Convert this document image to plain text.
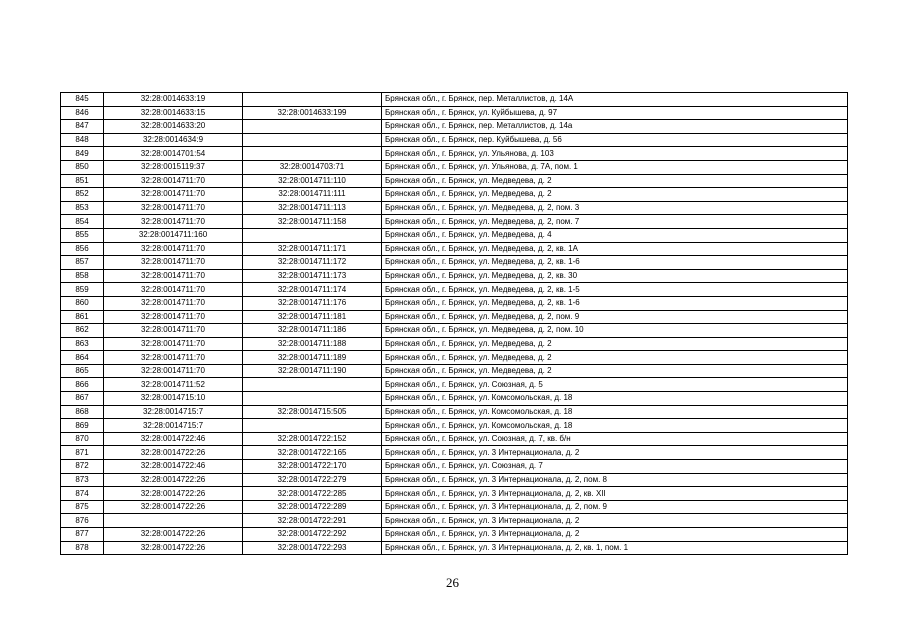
845	32:28:0014633:19		Брянская обл., г. Брянск, пер. Металлистов, д. 14А
846	32:28:0014633:15	32:28:0014633:199	Брянская обл., г. Брянск, ул. Куйбышева, д. 97
847	32:28:0014633:20		Брянская обл., г. Брянск, пер. Металлистов, д. 14а
848	32:28:0014634:9		Брянская обл., г. Брянск, пер. Куйбышева, д. 56
849	32:28:0014701:54		Брянская обл., г. Брянск, ул. Ульянова, д. 103
850	32:28:0015119:37	32:28:0014703:71	Брянская обл., г. Брянск, ул. Ульянова, д. 7А, пом. 1
851	32:28:0014711:70	32:28:0014711:110	Брянская обл., г. Брянск, ул. Медведева, д. 2
852	32:28:0014711:70	32:28:0014711:111	Брянская обл., г. Брянск, ул. Медведева, д. 2
853	32:28:0014711:70	32:28:0014711:113	Брянская обл., г. Брянск, ул. Медведева, д. 2, пом. 3
854	32:28:0014711:70	32:28:0014711:158	Брянская обл., г. Брянск, ул. Медведева, д. 2, пом. 7
855	32:28:0014711:160		Брянская обл., г. Брянск, ул. Медведева, д. 4
856	32:28:0014711:70	32:28:0014711:171	Брянская обл., г. Брянск, ул. Медведева, д. 2, кв. 1А
857	32:28:0014711:70	32:28:0014711:172	Брянская обл., г. Брянск, ул. Медведева, д. 2, кв. 1-6
858	32:28:0014711:70	32:28:0014711:173	Брянская обл., г. Брянск, ул. Медведева, д. 2, кв. 30
859	32:28:0014711:70	32:28:0014711:174	Брянская обл., г. Брянск, ул. Медведева, д. 2, кв. 1-5
860	32:28:0014711:70	32:28:0014711:176	Брянская обл., г. Брянск, ул. Медведева, д. 2, кв. 1-6
861	32:28:0014711:70	32:28:0014711:181	Брянская обл., г. Брянск, ул. Медведева, д. 2, пом. 9
862	32:28:0014711:70	32:28:0014711:186	Брянская обл., г. Брянск, ул. Медведева, д. 2, пом. 10
863	32:28:0014711:70	32:28:0014711:188	Брянская обл., г. Брянск, ул. Медведева, д. 2
864	32:28:0014711:70	32:28:0014711:189	Брянская обл., г. Брянск, ул. Медведева, д. 2
865	32:28:0014711:70	32:28:0014711:190	Брянская обл., г. Брянск, ул. Медведева, д. 2
866	32:28:0014711:52		Брянская обл., г. Брянск, ул. Союзная, д. 5
867	32:28:0014715:10		Брянская обл., г. Брянск, ул. Комсомольская, д. 18
868	32:28:0014715:7	32:28:0014715:505	Брянская обл., г. Брянск, ул. Комсомольская, д. 18
869	32:28:0014715:7		Брянская обл., г. Брянск, ул. Комсомольская, д. 18
870	32:28:0014722:46	32:28:0014722:152	Брянская обл., г. Брянск, ул. Союзная, д. 7, кв. б/н
871	32:28:0014722:26	32:28:0014722:165	Брянская обл., г. Брянск, ул. 3 Интернационала, д. 2
872	32:28:0014722:46	32:28:0014722:170	Брянская обл., г. Брянск, ул. Союзная, д. 7
873	32:28:0014722:26	32:28:0014722:279	Брянская обл., г. Брянск, ул. 3 Интернационала, д. 2, пом. 8
874	32:28:0014722:26	32:28:0014722:285	Брянская обл., г. Брянск, ул. 3 Интернационала, д. 2, кв. XII
875	32:28:0014722:26	32:28:0014722:289	Брянская обл., г. Брянск, ул. 3 Интернационала, д. 2, пом. 9
876		32:28:0014722:291	Брянская обл., г. Брянск, ул. 3 Интернационала, д. 2
877	32:28:0014722:26	32:28:0014722:292	Брянская обл., г. Брянск, ул. 3 Интернационала, д. 2
878	32:28:0014722:26	32:28:0014722:293	Брянская обл., г. Брянск, ул. 3 Интернационала, д. 2, кв. 1, пом. 1
26
